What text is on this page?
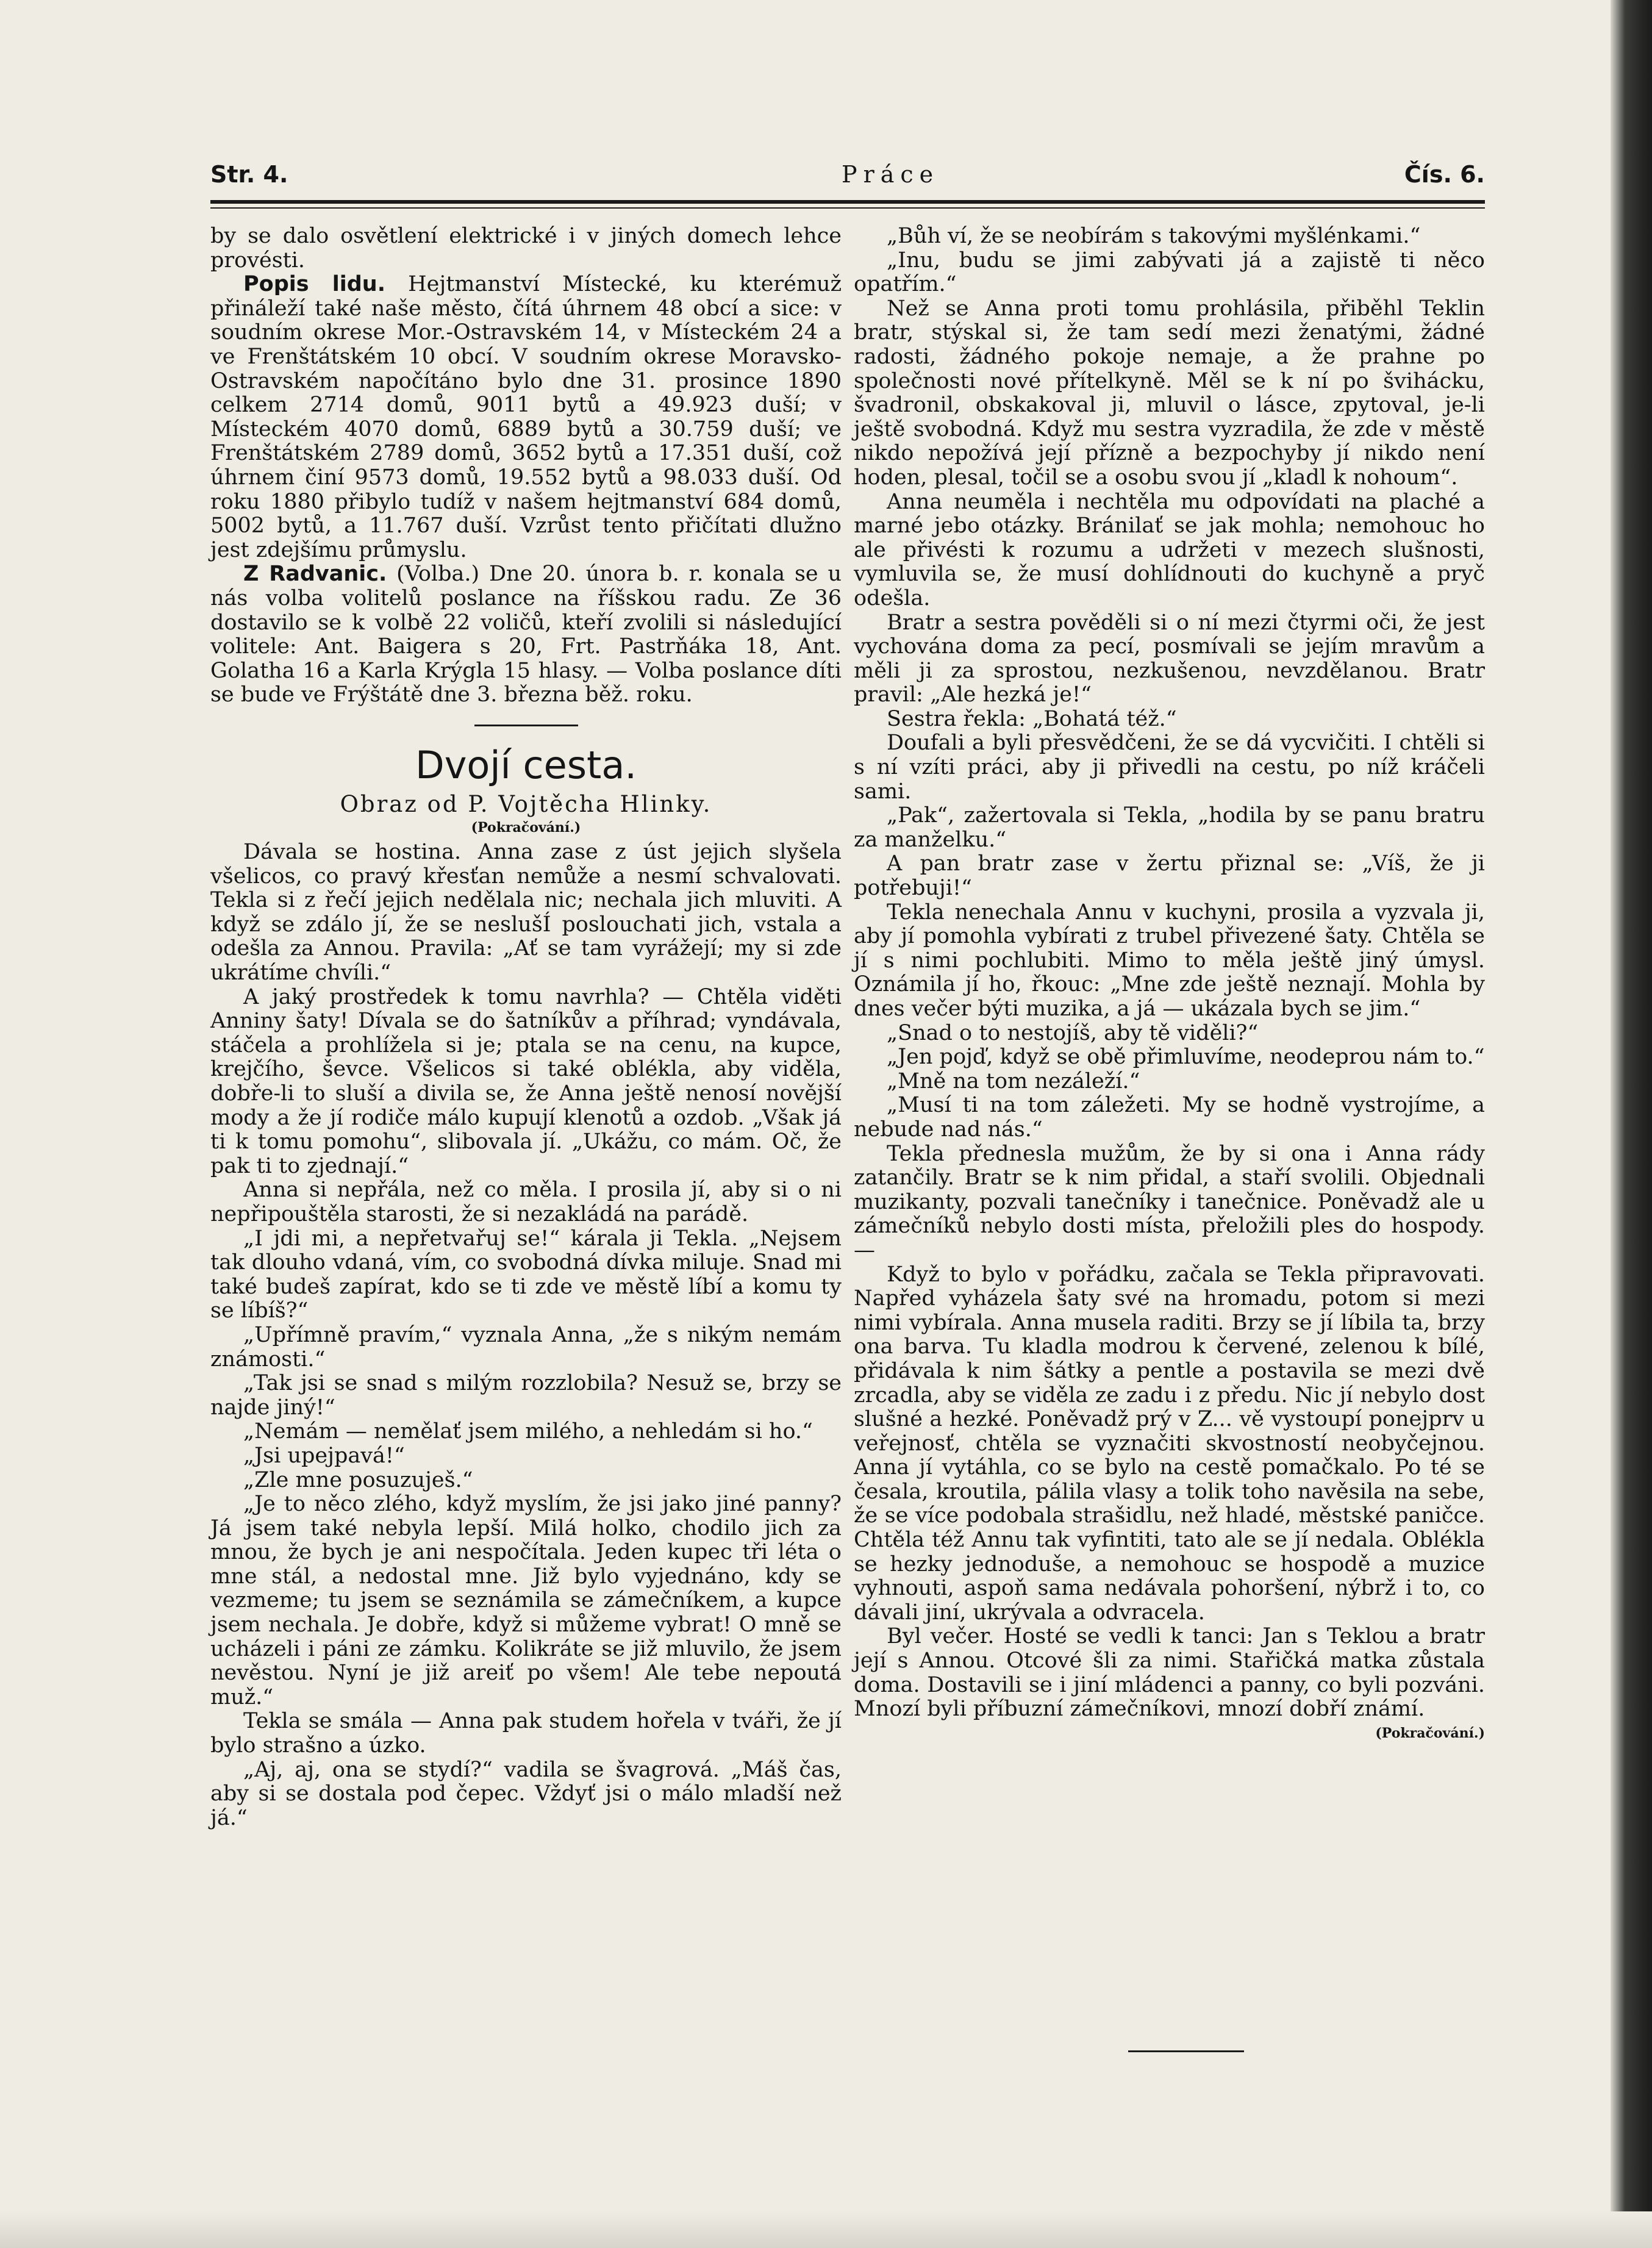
Str. 4.	Práce	Čís. 6.

by se dalo osvětlení elektrické i v jiných domech lehce provésti.

Popis lidu. Hejtmanství Místecké, ku kterémuž přináleží také naše město, čítá úhrnem 48 obcí a sice: v soudním okrese Mor.-Ostravském 14, v Místeckém 24 a ve Frenštátském 10 obcí. V soudním okrese Moravsko-Ostravském napočítáno bylo dne 31. prosince 1890 celkem 2714 domů, 9011 bytů a 49.923 duší; v Místeckém 4070 domů, 6889 bytů a 30.759 duší; ve Frenštátském 2789 domů, 3652 bytů a 17.351 duší, což úhrnem činí 9573 domů, 19.552 bytů a 98.033 duší. Od roku 1880 přibylo tudíž v našem hejtmanství 684 domů, 5002 bytů, a 11.767 duší. Vzrůst tento přičítati dlužno jest zdejšímu průmyslu.

Z Radvanic. (Volba.) Dne 20. února b. r. konala se u nás volba volitelů poslance na říšskou radu. Ze 36 dostavilo se k volbě 22 voličů, kteří zvolili si následující volitele: Ant. Baigera s 20, Frt. Pastrňáka 18, Ant. Golatha 16 a Karla Krýgla 15 hlasy. — Volba poslance díti se bude ve Frýštátě dne 3. března běž. roku.

Dvojí cesta.

Obraz od P. Vojtěcha Hlinky.

(Pokračování.)

Dávala se hostina. Anna zase z úst jejich slyšela všelicos, co pravý křesťan nemůže a nesmí schvalovati. Tekla si z řečí jejich nedělala nic; nechala jich mluviti. A když se zdálo jí, že se neslušÍ poslouchati jich, vstala a odešla za Annou. Pravila: „Ať se tam vyrážejí; my si zde ukrátíme chvíli.“

A jaký prostředek k tomu navrhla? — Chtěla viděti Anniny šaty! Dívala se do šatníkův a příhrad; vyndávala, stáčela a prohlížela si je; ptala se na cenu, na kupce, krejčího, ševce. Všelicos si také oblékla, aby viděla, dobře-li to sluší a divila se, že Anna ještě nenosí novější mody a že jí rodiče málo kupují klenotů a ozdob. „Však já ti k tomu pomohu“, slibovala jí. „Ukážu, co mám. Oč, že pak ti to zjednají.“

Anna si nepřála, než co měla. I prosila jí, aby si o ni nepřipouštěla starosti, že si nezakládá na parádě.

„I jdi mi, a nepřetvařuj se!“ kárala ji Tekla. „Nejsem tak dlouho vdaná, vím, co svobodná dívka miluje. Snad mi také budeš zapírat, kdo se ti zde ve městě líbí a komu ty se líbíš?“

„Upřímně pravím,“ vyznala Anna, „že s nikým nemám známosti.“

„Tak jsi se snad s milým rozzlobila? Nesuž se, brzy se najde jiný!“

„Nemám — nemělať jsem milého, a nehledám si ho.“

„Jsi upejpavá!“

„Zle mne posuzuješ.“

„Je to něco zlého, když myslím, že jsi jako jiné panny? Já jsem také nebyla lepší. Milá holko, chodilo jich za mnou, že bych je ani nespočítala. Jeden kupec tři léta o mne stál, a nedostal mne. Již bylo vyjednáno, kdy se vezmeme; tu jsem se seznámila se zámečníkem, a kupce jsem nechala. Je dobře, když si můžeme vybrat! O mně se ucházeli i páni ze zámku. Kolikráte se již mluvilo, že jsem nevěstou. Nyní je již areiť po všem! Ale tebe nepoutá muž.“

Tekla se smála — Anna pak studem hořela v tváři, že jí bylo strašno a úzko.

„Aj, aj, ona se stydí?“ vadila se švagrová. „Máš čas, aby si se dostala pod čepec. Vždyť jsi o málo mladší než já.“

„Bůh ví, že se neobírám s takovými myšlénkami.“

„Inu, budu se jimi zabývati já a zajistě ti něco opatřím.“

Než se Anna proti tomu prohlásila, přiběhl Teklin bratr, stýskal si, že tam sedí mezi ženatými, žádné radosti, žádného pokoje nemaje, a že prahne po společnosti nové přítelkyně. Měl se k ní po švihácku, švadronil, obskakoval ji, mluvil o lásce, zpytoval, je-li ještě svobodná. Když mu sestra vyzradila, že zde v městě nikdo nepožívá její přízně a bezpochyby jí nikdo není hoden, plesal, točil se a osobu svou jí „kladl k nohoum“.

Anna neuměla i nechtěla mu odpovídati na plaché a marné jebo otázky. Bránilať se jak mohla; nemohouc ho ale přivésti k rozumu a udržeti v mezech slušnosti, vymluvila se, že musí dohlídnouti do kuchyně a pryč odešla.

Bratr a sestra pověděli si o ní mezi čtyrmi oči, že jest vychována doma za pecí, posmívali se jejím mravům a měli ji za sprostou, nezkušenou, nevzdělanou. Bratr pravil: „Ale hezká je!“

Sestra řekla: „Bohatá též.“

Doufali a byli přesvědčeni, že se dá vycvičiti. I chtěli si s ní vzíti práci, aby ji přivedli na cestu, po níž kráčeli sami.

„Pak“, zažertovala si Tekla, „hodila by se panu bratru za manželku.“

A pan bratr zase v žertu přiznal se: „Víš, že ji potřebuji!“

Tekla nenechala Annu v kuchyni, prosila a vyzvala ji, aby jí pomohla vybírati z trubel přivezené šaty. Chtěla se jí s nimi pochlubiti. Mimo to měla ještě jiný úmysl. Oznámila jí ho, řkouc: „Mne zde ještě neznají. Mohla by dnes večer býti muzika, a já — ukázala bych se jim.“

„Snad o to nestojíš, aby tě viděli?“

„Jen pojď, když se obě přimluvíme, neodeprou nám to.“

„Mně na tom nezáleží.“

„Musí ti na tom záležeti. My se hodně vystrojíme, a nebude nad nás.“

Tekla přednesla mužům, že by si ona i Anna rády zatančily. Bratr se k nim přidal, a staří svolili. Objednali muzikanty, pozvali tanečníky i tanečnice. Poněvadž ale u zámečníků nebylo dosti místa, přeložili ples do hospody. —

Když to bylo v pořádku, začala se Tekla připravovati. Napřed vyházela šaty své na hromadu, potom si mezi nimi vybírala. Anna musela raditi. Brzy se jí líbila ta, brzy ona barva. Tu kladla modrou k červené, zelenou k bílé, přidávala k nim šátky a pentle a postavila se mezi dvě zrcadla, aby se viděla ze zadu i z předu. Nic jí nebylo dost slušné a hezké. Poněvadž prý v Z... vě vystoupí ponejprv u veřejnosť, chtěla se vyznačiti skvostností neobyčejnou. Anna jí vytáhla, co se bylo na cestě pomačkalo. Po té se česala, kroutila, pálila vlasy a tolik toho navěsila na sebe, že se více podobala strašidlu, než hladé, městské paničce. Chtěla též Annu tak vyfintiti, tato ale se jí nedala. Oblékla se hezky jednoduše, a nemohouc se hospodě a muzice vyhnouti, aspoň sama nedávala pohoršení, nýbrž i to, co dávali jiní, ukrývala a odvracela.

Byl večer. Hosté se vedli k tanci: Jan s Teklou a bratr její s Annou. Otcové šli za nimi. Stařičká matka zůstala doma. Dostavili se i jiní mládenci a panny, co byli pozváni. Mnozí byli příbuzní zámečníkovi, mnozí dobří známí.

(Pokračování.)
